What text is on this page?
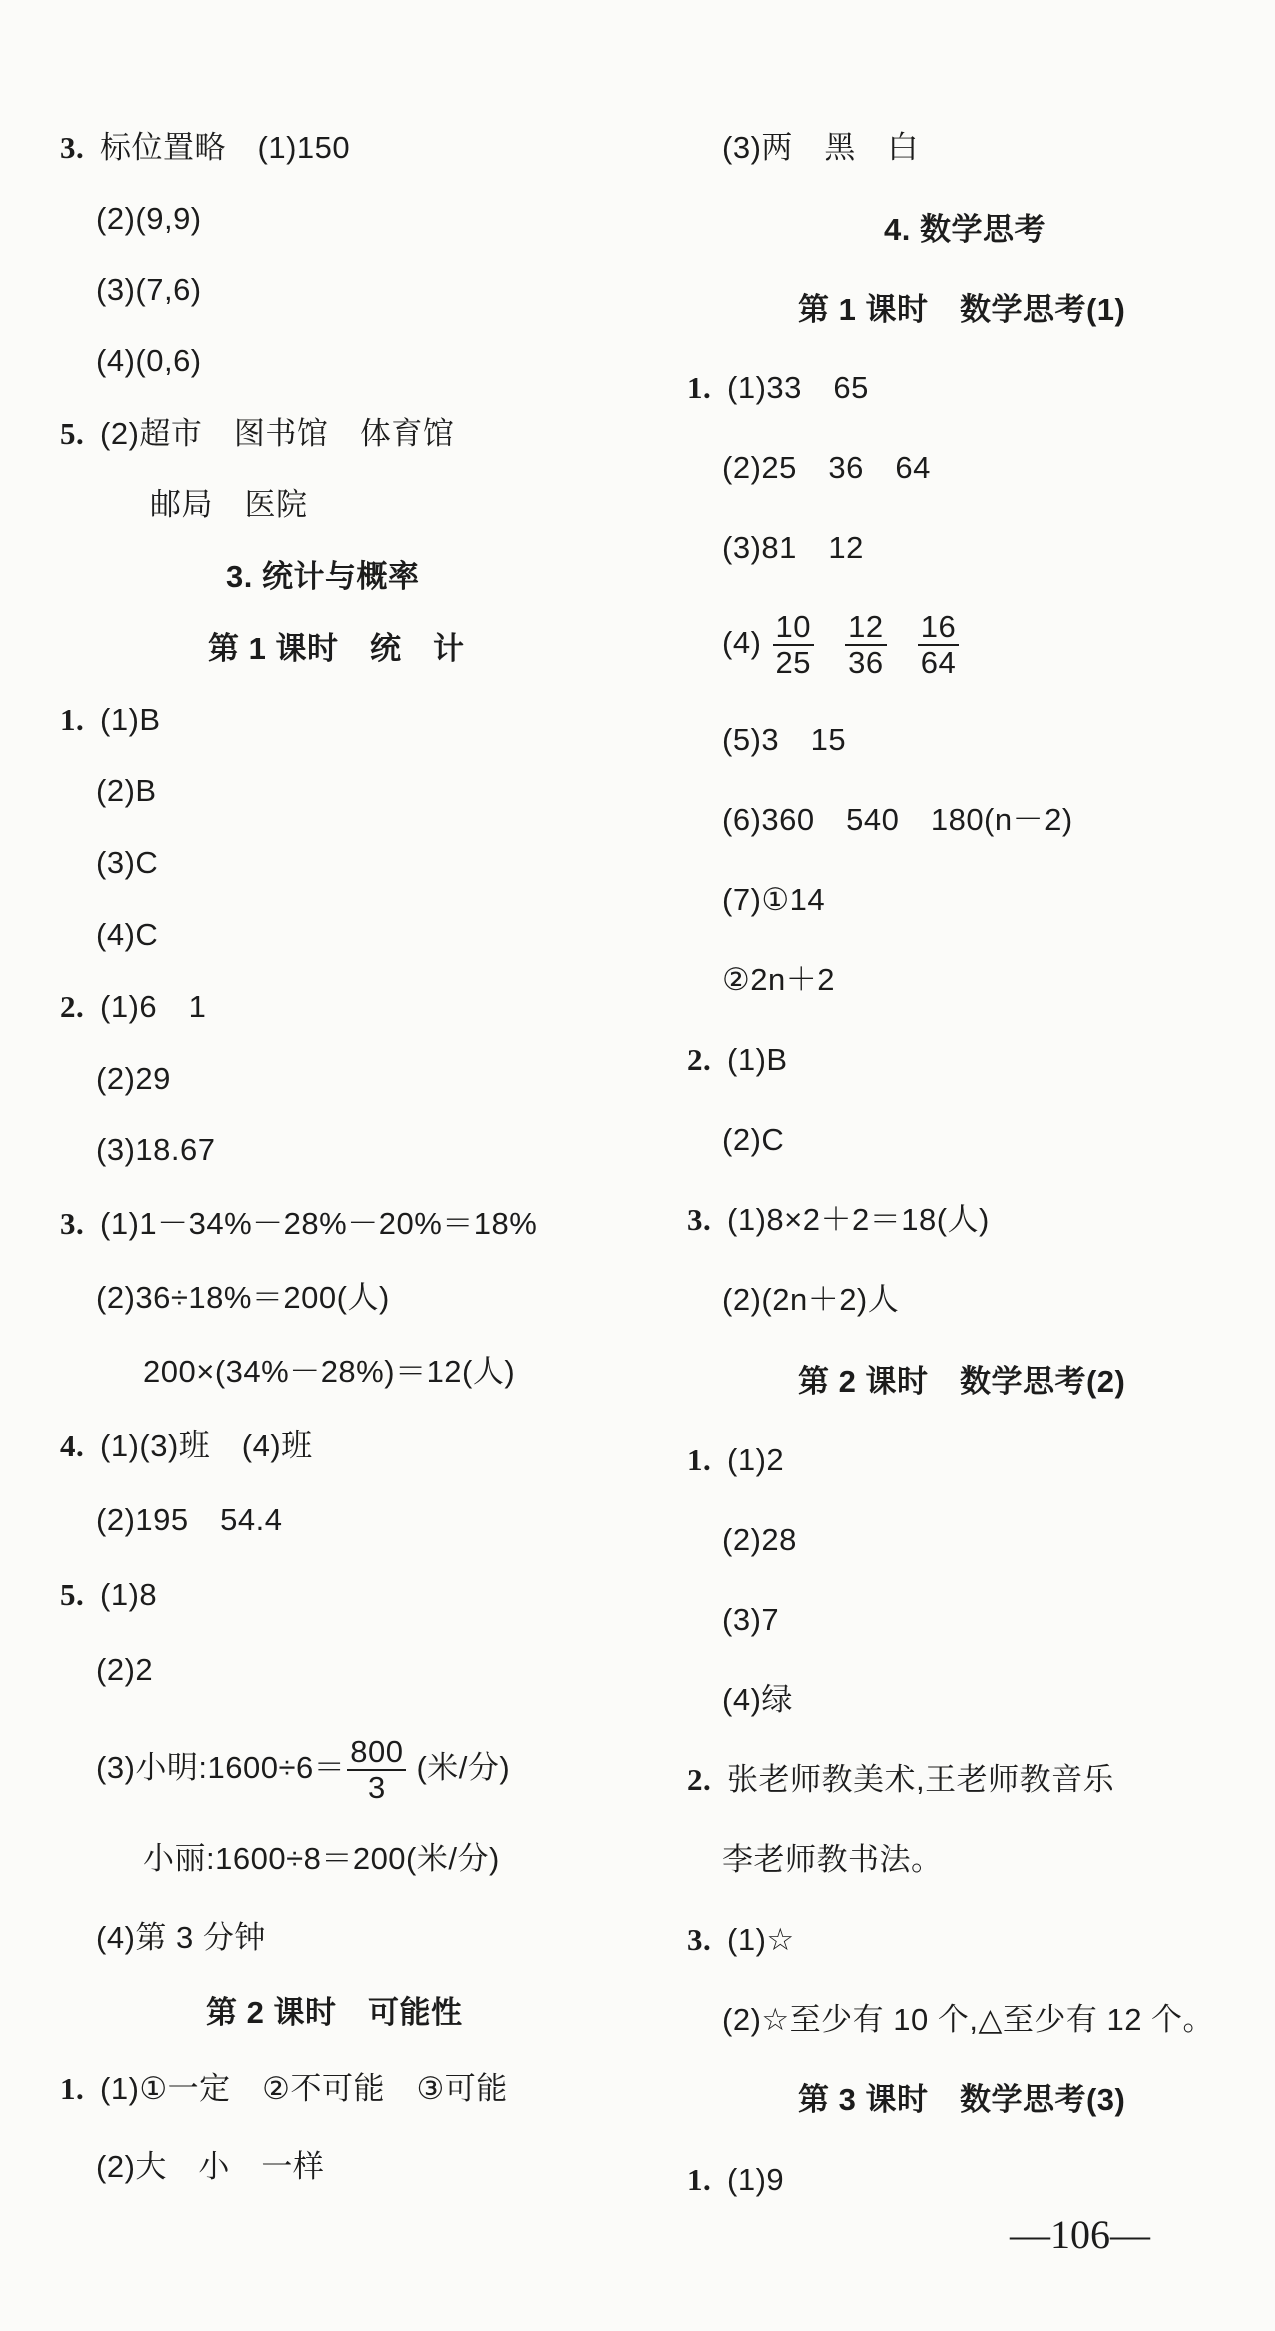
3. 标位置略　(1)150
(2)(9,9)
(3)(7,6)
(4)(0,6)
5. (2)超市　图书馆　体育馆
邮局　医院
3. 统计与概率
第 1 课时　统　计
1. (1)B
(2)B
(3)C
(4)C
2. (1)6　1
(2)29
(3)18.67
3. (1)1－34%－28%－20%＝18%
(2)36÷18%＝200(人)
200×(34%－28%)＝12(人)
4. (1)(3)班　(4)班
(2)195　54.4
5. (1)8
(2)2
(3)小明:1600÷6＝ $\frac{800}{3}$ (米/分)
小丽:1600÷8＝200(米/分)
(4)第 3 分钟
第 2 课时　可能性
1. (1)①一定　②不可能　③可能
(2)大　小　一样
(3)两　黑　白
4. 数学思考
第 1 课时　数学思考(1)
1. (1)33　65
(2)25　36　64
(3)81　12
$(4) \frac{10}{25}$
$\frac{12}{36}$
$\frac{16}{64}$
(5)3　15
(6)360　540　180(n－2)
(7)①14
②2n＋2
2. (1)B
(2)C
3. (1)8×2＋2＝18(人)
(2)(2n＋2)人
第 2 课时　数学思考(2)
1. (1)2
(2)28
(3)7
(4)绿
2. 张老师教美术,王老师教音乐
李老师教书法。
3. (1)☆
(2)☆至少有 10 个,△至少有 12 个。
第 3 课时　数学思考(3)
1. (1)9
—106—
